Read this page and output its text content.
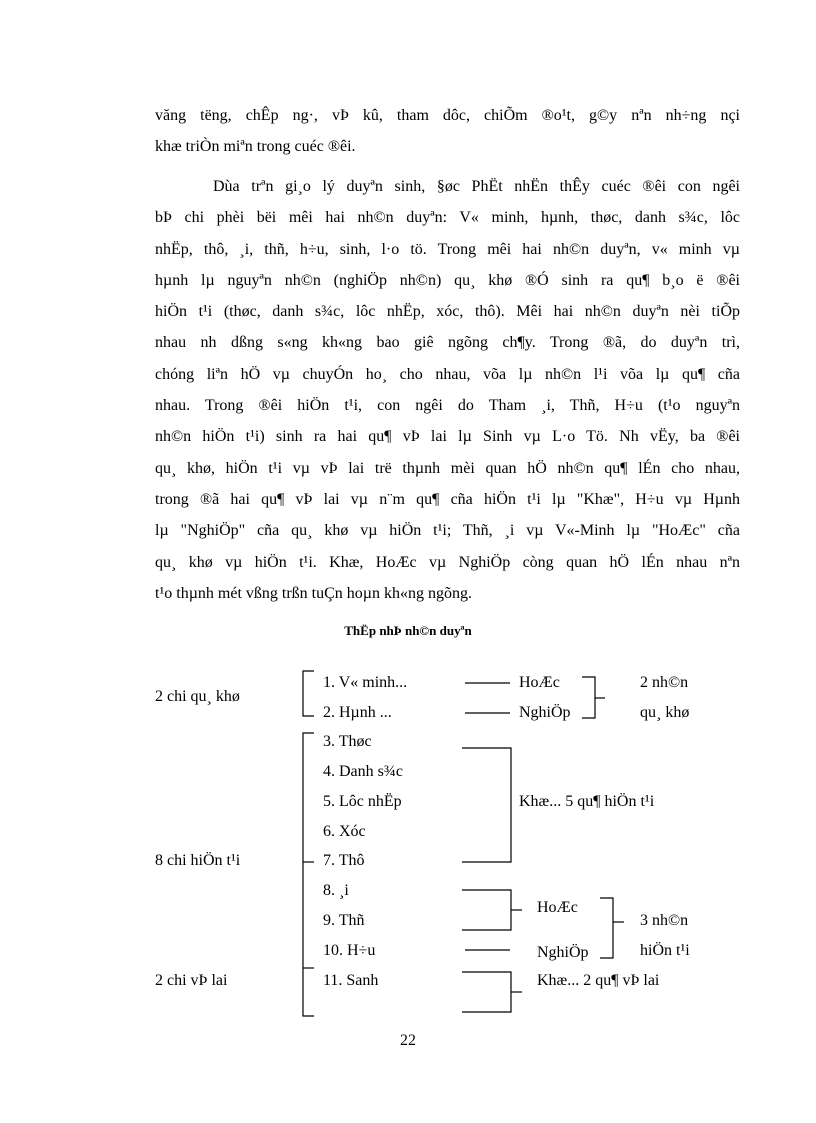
văng tëng, chÊp ng·, vÞ kû, tham dôc, chiÕm ®o¹t, g©y nªn nh÷ng nçi
khæ triÒn miªn trong cuéc ®êi.
Dùa trªn gi¸o lý duyªn sinh, §øc PhËt nhËn thÊy cuéc ®êi con ngêi
bÞ chi phèi bëi mêi hai nh©n duyªn: V« minh, hµnh, thøc, danh s¾c, lôc
nhËp, thô, ¸i, thñ, h÷u, sinh, l·o tö. Trong mêi hai nh©n duyªn, v« minh vµ
hµnh lµ nguyªn nh©n (nghiÖp nh©n) qu¸ khø ®Ó sinh ra qu¶ b¸o ë ®êi
hiÖn t¹i (thøc, danh s¾c, lôc nhËp, xóc, thô). Mêi hai nh©n duyªn nèi tiÕp
nhau nh dßng s«ng kh«ng bao giê ngõng ch¶y. Trong ®ã, do duyªn trì,
chóng liªn hÖ vµ chuyÓn ho¸ cho nhau, võa lµ nh©n l¹i võa lµ qu¶ cña
nhau. Trong ®êi hiÖn t¹i, con ngêi do Tham ¸i, Thñ, H÷u (t¹o nguyªn
nh©n hiÖn t¹i) sinh ra hai qu¶ vÞ lai lµ Sinh vµ L·o Tö. Nh vËy, ba ®êi
qu¸ khø, hiÖn t¹i vµ vÞ lai trë thµnh mèi quan hÖ nh©n qu¶ lÉn cho nhau,
trong ®ã hai qu¶ vÞ lai vµ n¨m qu¶ cña hiÖn t¹i lµ "Khæ", H÷u vµ Hµnh
lµ "NghiÖp" cña qu¸ khø vµ hiÖn t¹i; Thñ, ¸i vµ V«-Minh lµ "HoÆc" cña
qu¸ khø vµ hiÖn t¹i. Khæ, HoÆc vµ NghiÖp còng quan hÖ lÉn nhau nªn
t¹o thµnh mét vßng trßn tuÇn hoµn kh«ng ngõng.
ThËp nhÞ nh©n duyªn
2 chi qu¸ khø
8 chi hiÖn t¹i
2 chi vÞ lai
1. V« minh...
2. Hµnh ...
3. Thøc
4. Danh s¾c
5. Lôc nhËp
6. Xóc
7. Thô
8. ¸i
9. Thñ
10. H÷u
11. Sanh
HoÆc
NghiÖp
2 nh©n
qu¸ khø
Khæ... 5 qu¶ hiÖn t¹i
HoÆc
NghiÖp
3 nh©n
hiÖn t¹i
Khæ... 2 qu¶ vÞ lai
22
